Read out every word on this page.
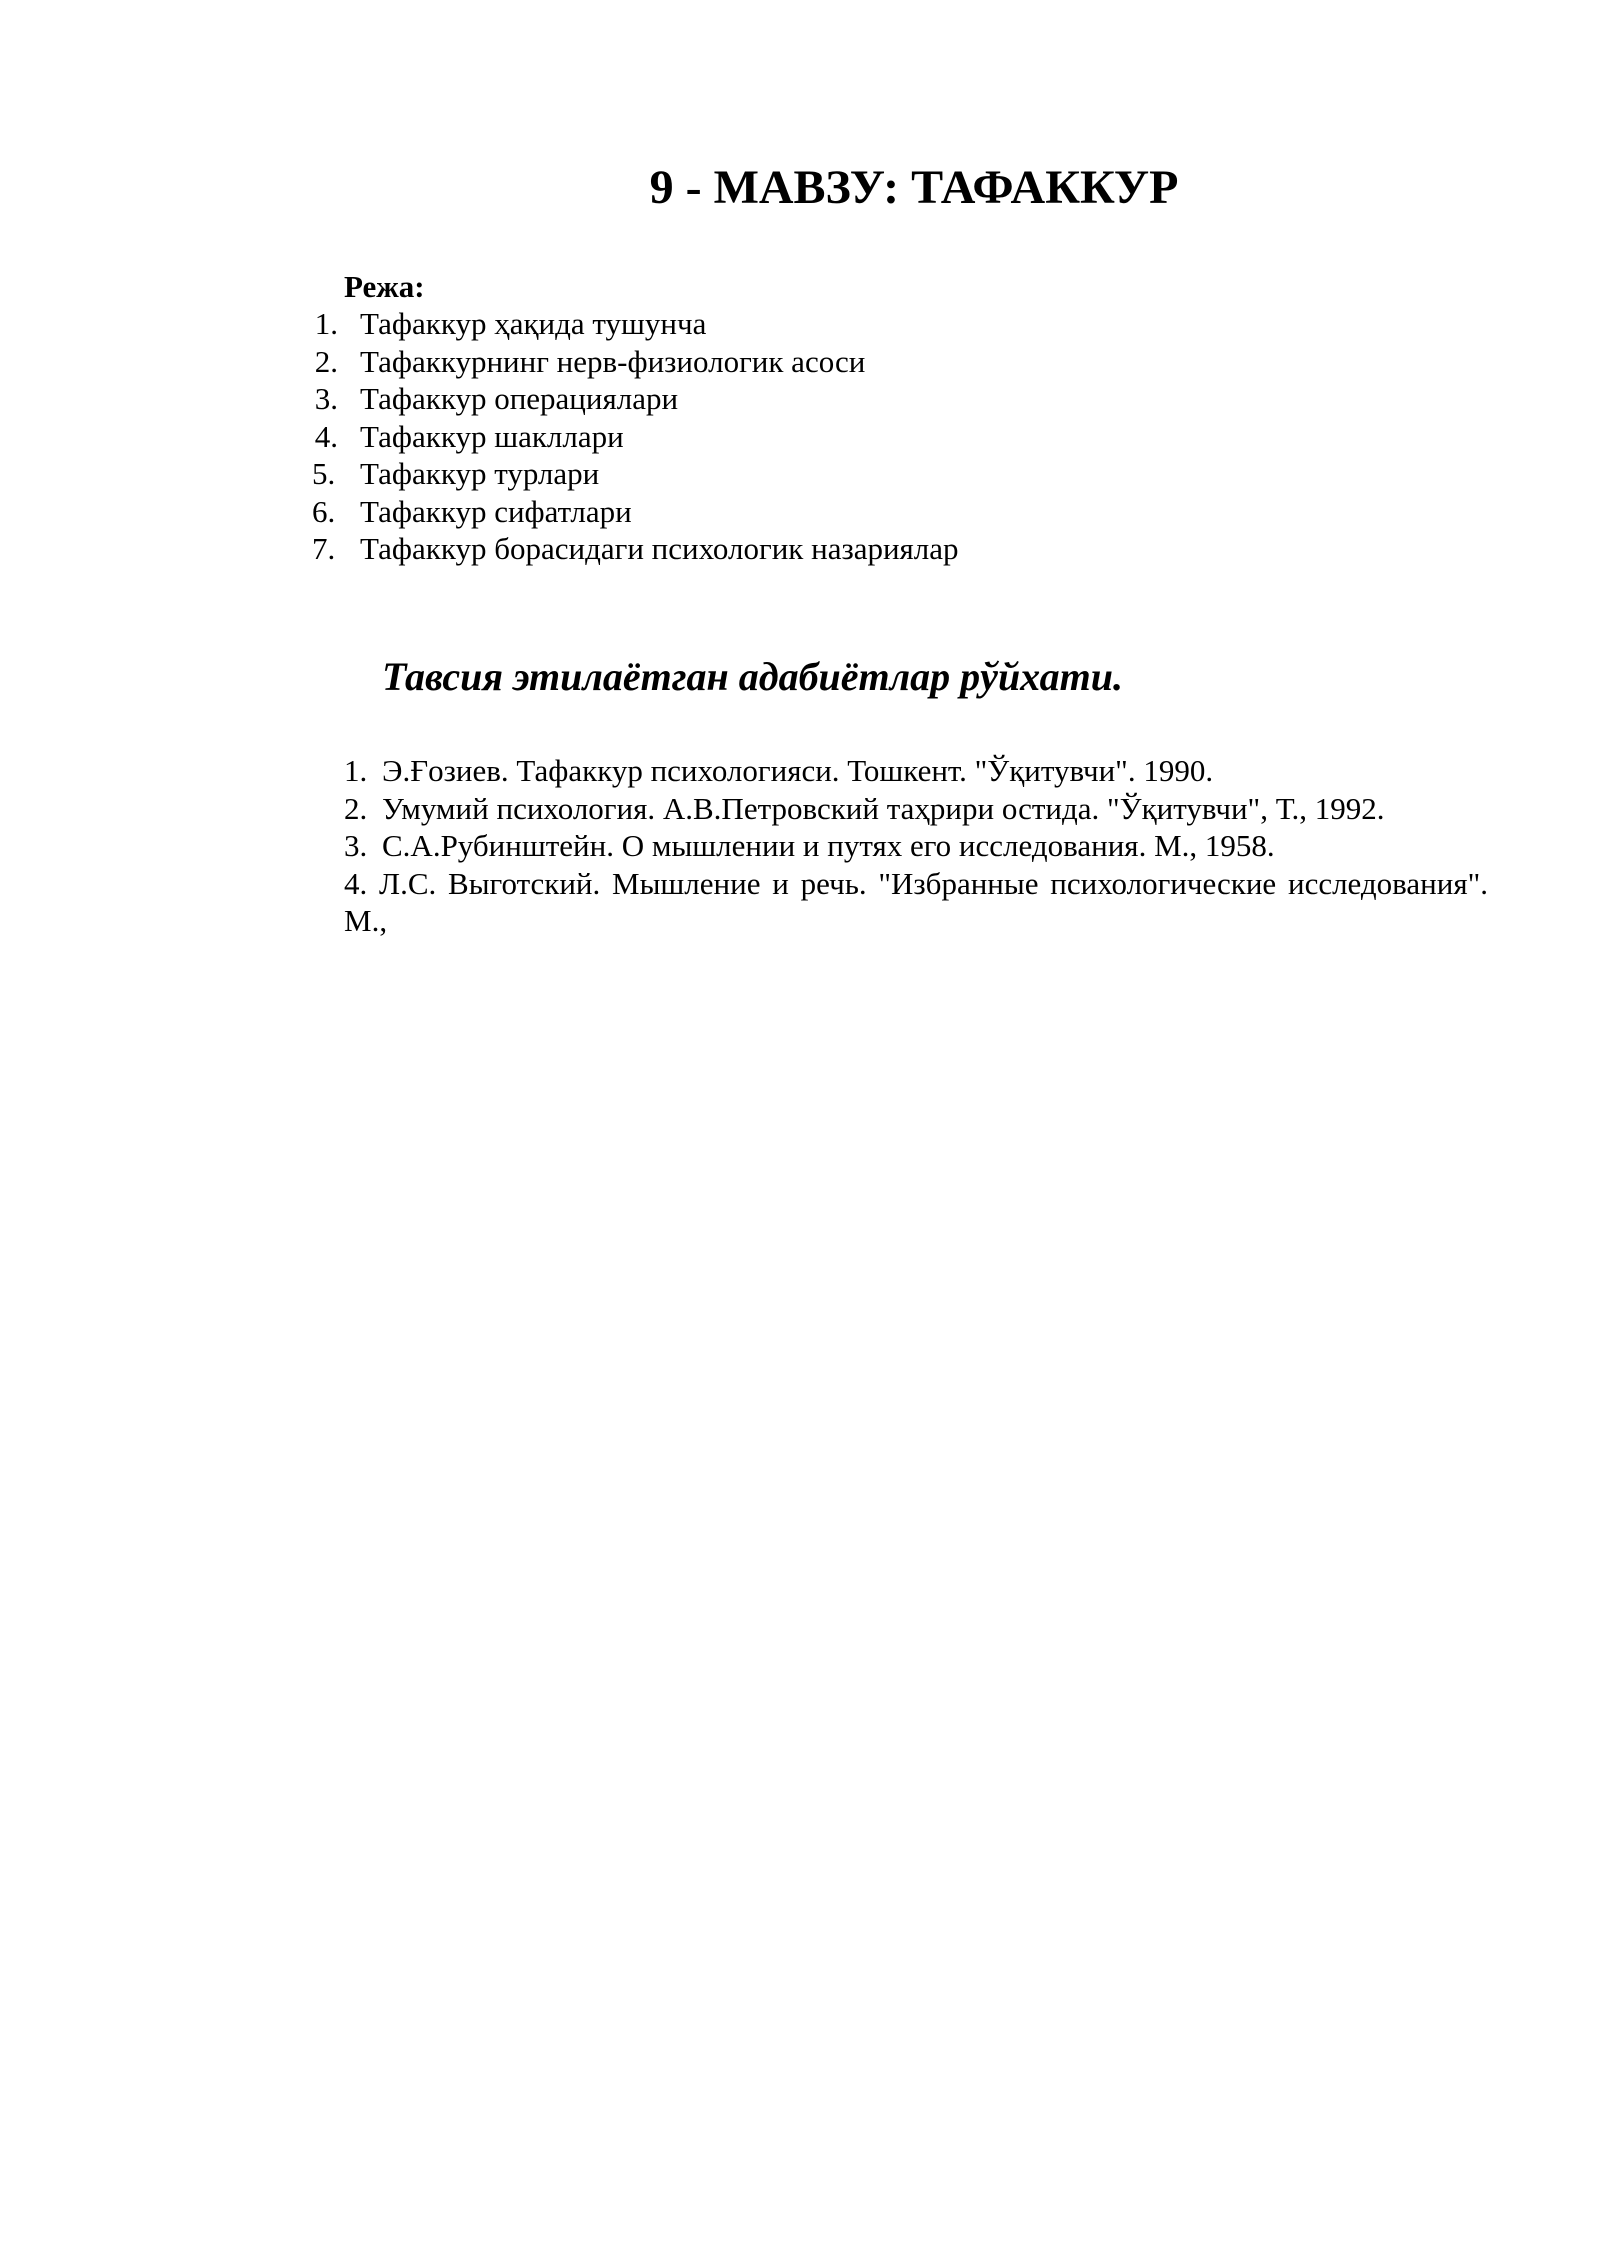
9 - МАВЗУ: ТАФАККУР

Режа:

1. Тафаккур ҳақида тушунча
2. Тафаккурнинг нерв-физиологик асоси
3. Тафаккур операциялари
4. Тафаккур шакллари
5. Тафаккур турлари
6. Тафаккур сифатлари
7. Тафаккур борасидаги психологик назариялар
Тавсия этилаётган адабиётлар рўйхати.
1. Э.Ғозиев. Тафаккур психологияси. Тошкент. "Ўқитувчи". 1990.
2. Умумий психология. А.В.Петровский таҳрири остида. "Ўқитувчи", Т., 1992.
3. С.А.Рубинштейн. О мышлении и путях его исследования. М., 1958.
4. Л.С. Выготский. Мышление и речь. "Избранные психологические исследования". М.,
